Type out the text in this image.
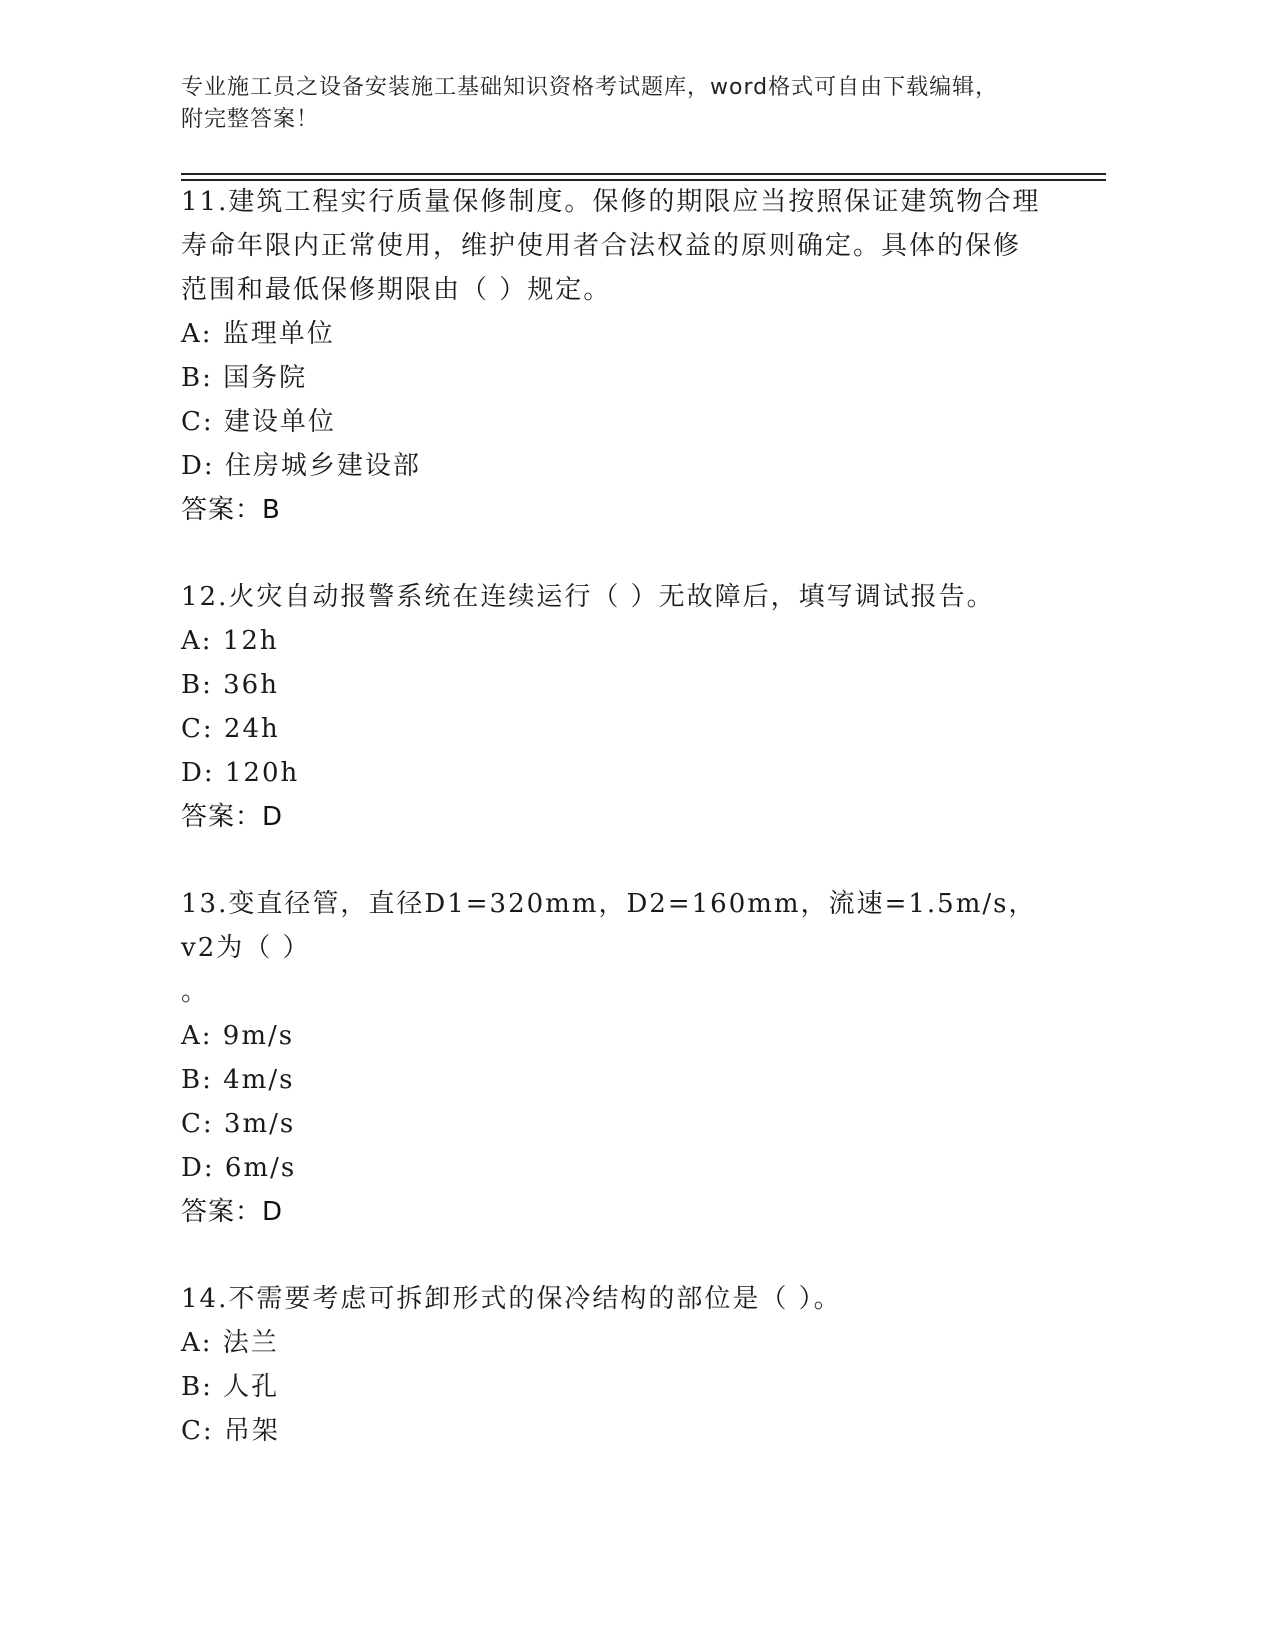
专业施工员之设备安装施工基础知识资格考试题库，word格式可自由下载编辑，
附完整答案！
11.建筑工程实行质量保修制度。保修的期限应当按照保证建筑物合理
寿命年限内正常使用，维护使用者合法权益的原则确定。具体的保修
范围和最低保修期限由（ ）规定。
A: 监理单位
B: 国务院
C: 建设单位
D: 住房城乡建设部
答案：B
12.火灾自动报警系统在连续运行（ ）无故障后，填写调试报告。
A: 12h
B: 36h
C: 24h
D: 120h
答案：D
13.变直径管，直径D1=320mm，D2=160mm，流速=1.5m/s，v2为（ ）
。
A: 9m/s
B: 4m/s
C: 3m/s
D: 6m/s
答案：D
14.不需要考虑可拆卸形式的保冷结构的部位是（ ）。
A: 法兰
B: 人孔
C: 吊架
